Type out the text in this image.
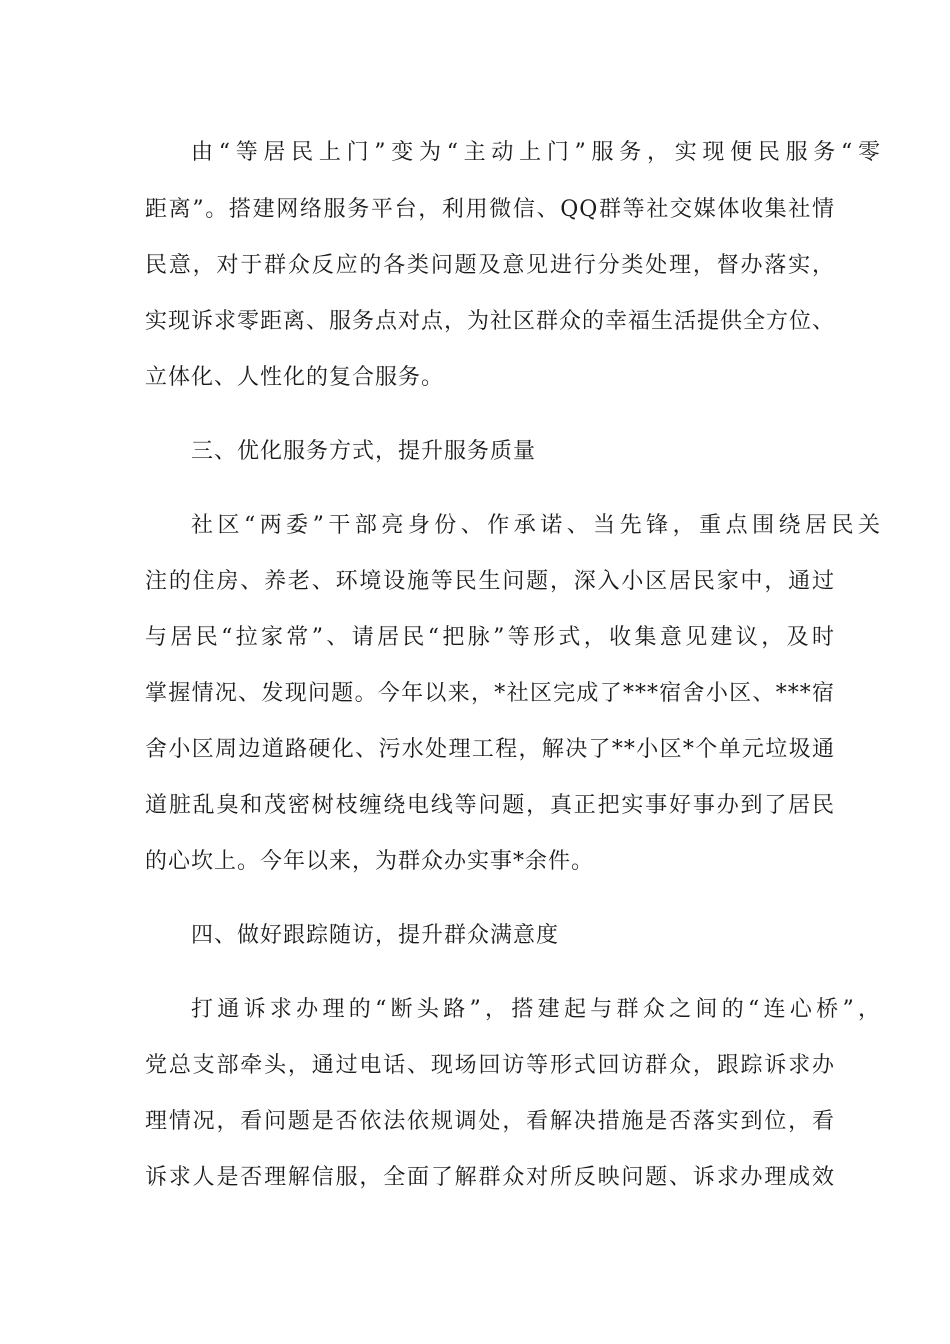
由“等居民上门”变为“主动上门”服务，实现便民服务“零
距离”。搭建网络服务平台，利用微信、QQ群等社交媒体收集社情
民意，对于群众反应的各类问题及意见进行分类处理，督办落实，
实现诉求零距离、服务点对点，为社区群众的幸福生活提供全方位、
立体化、人性化的复合服务。
三、优化服务方式，提升服务质量
社区“两委”干部亮身份、作承诺、当先锋，重点围绕居民关
注的住房、养老、环境设施等民生问题，深入小区居民家中，通过
与居民“拉家常”、请居民“把脉”等形式，收集意见建议，及时
掌握情况、发现问题。今年以来，*社区完成了***宿舍小区、***宿
舍小区周边道路硬化、污水处理工程，解决了**小区*个单元垃圾通
道脏乱臭和茂密树枝缠绕电线等问题，真正把实事好事办到了居民
的心坎上。今年以来，为群众办实事*余件。
四、做好跟踪随访，提升群众满意度
打通诉求办理的“断头路”，搭建起与群众之间的“连心桥”，
党总支部牵头，通过电话、现场回访等形式回访群众，跟踪诉求办
理情况，看问题是否依法依规调处，看解决措施是否落实到位，看
诉求人是否理解信服，全面了解群众对所反映问题、诉求办理成效
